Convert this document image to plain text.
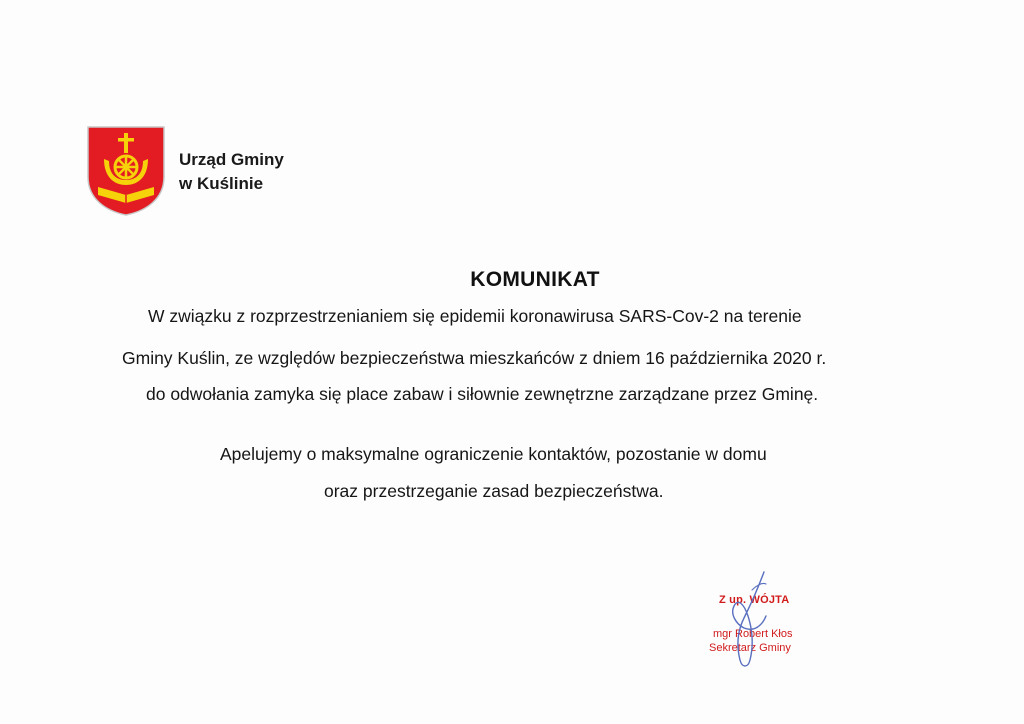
Urząd Gminy
w Kuślinie
KOMUNIKAT
W związku z rozprzestrzenianiem się epidemii koronawirusa SARS-Cov-2 na terenie
Gminy Kuślin, ze względów bezpieczeństwa mieszkańców z dniem 16 października 2020 r.
do odwołania zamyka się place zabaw i siłownie zewnętrzne zarządzane przez Gminę.
Apelujemy o maksymalne ograniczenie kontaktów, pozostanie w domu
oraz przestrzeganie zasad bezpieczeństwa.
Z up. WÓJTA
mgr Robert Kłos
Sekretarz Gminy
